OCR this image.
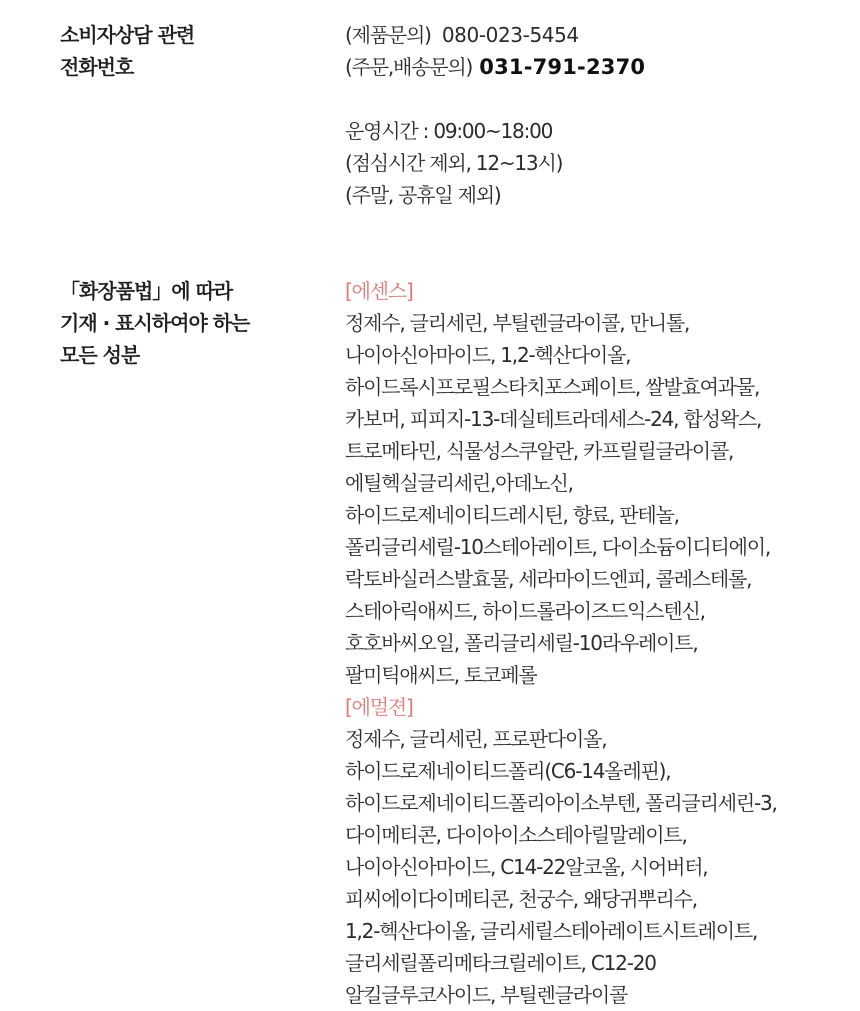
소비자상담 관련
전화번호
(제품문의) 080-023-5454
(주문,배송문의) 031-791-2370
운영시간 : 09:00~18:00
(점심시간 제외, 12~13시)
(주말, 공휴일 제외)
「화장품법」에 따라
기재 · 표시하여야 하는
모든 성분
[에센스]
정제수, 글리세린, 부틸렌글라이콜, 만니톨,
나이아신아마이드, 1,2-헥산다이올,
하이드록시프로필스타치포스페이트, 쌀발효여과물,
카보머, 피피지-13-데실테트라데세스-24, 합성왁스,
트로메타민, 식물성스쿠알란, 카프릴릴글라이콜,
에틸헥실글리세린,아데노신,
하이드로제네이티드레시틴, 향료, 판테놀,
폴리글리세릴-10스테아레이트, 다이소듐이디티에이,
락토바실러스발효물, 세라마이드엔피, 콜레스테롤,
스테아릭애씨드, 하이드롤라이즈드익스텐신,
호호바씨오일, 폴리글리세릴-10라우레이트,
팔미틱애씨드, 토코페롤
[에멀젼]
정제수, 글리세린, 프로판다이올,
하이드로제네이티드폴리(C6-14올레핀),
하이드로제네이티드폴리아이소부텐, 폴리글리세린-3,
다이메티콘, 다이아이소스테아릴말레이트,
나이아신아마이드, C14-22알코올, 시어버터,
피씨에이다이메티콘, 천궁수, 왜당귀뿌리수,
1,2-헥산다이올, 글리세릴스테아레이트시트레이트,
글리세릴폴리메타크릴레이트, C12-20
알킬글루코사이드, 부틸렌글라이콜
